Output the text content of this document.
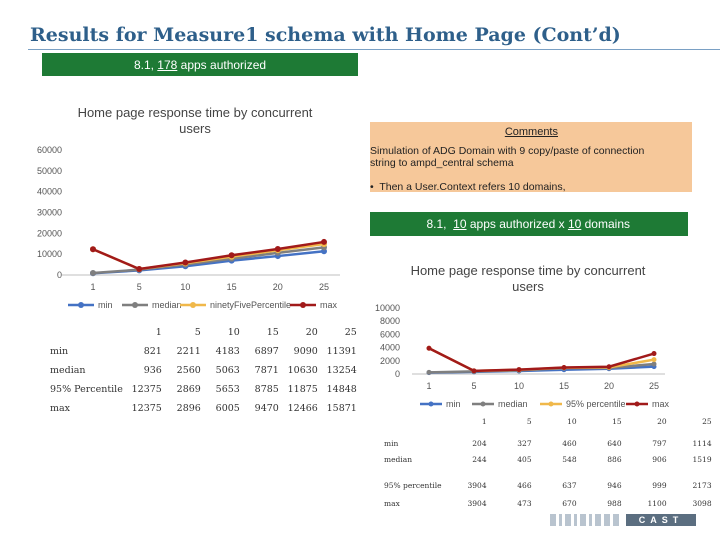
Results for Measure1 schema with Home Page (Cont’d)
8.1, 178 apps authorized
Home page response time by concurrent users
60000
50000
40000
30000
20000
10000
0
1	5	10	15	20	25
min	median	ninetyFivePercentile	max
Comments
Simulation of ADG Domain with 9 copy/paste of connection string to ampd_central schema
•  Then a User.Context refers 10 domains,
8.1, 10 apps authorized x 10 domains
Home page response time by concurrent users
10000
8000
6000
4000
2000
0
1	5	10	15	20	25
min	median	95% percentile	max
	1	5	10	15	20	25
min	821	2211	4183	6897	9090	11391
median	936	2560	5063	7871	10630	13254
95% Percentile	12375	2869	5653	8785	11875	14848
max	12375	2896	6005	9470	12466	15871
	1	5	10	15	20	25
min	204	327	460	640	797	1114
median	244	405	548	886	906	1519
95% percentile	3904	466	637	946	999	2173
max	3904	473	670	988	1100	3098
CAST
